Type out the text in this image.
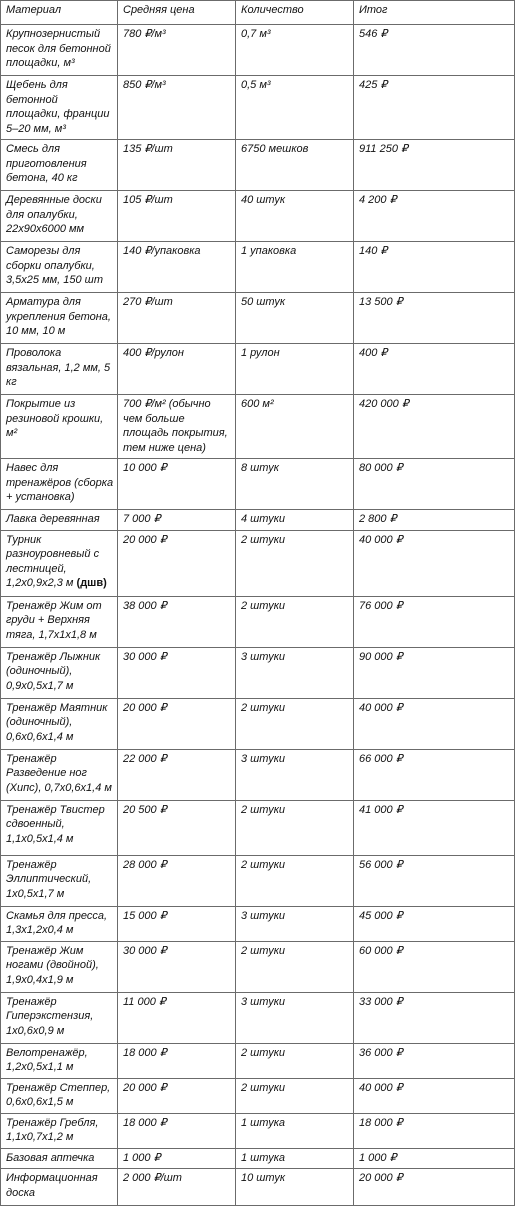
Материал	Средняя цена	Количество	Итог
Крупнозернистый песок для бетонной площадки, м³	780 ₽/м³	0,7 м³	546 ₽
Щебень для бетонной площадки, франции 5–20 мм, м³	850 ₽/м³	0,5 м³	425 ₽
Смесь для приготовления бетона, 40 кг	135 ₽/шт	6750 мешков	911 250 ₽
Деревянные доски для опалубки, 22х90х6000 мм	105 ₽/шт	40 штук	4 200 ₽
Саморезы для сборки опалубки, 3,5х25 мм, 150 шт	140 ₽/упаковка	1 упаковка	140 ₽
Арматура для укрепления бетона, 10 мм, 10 м	270 ₽/шт	50 штук	13 500 ₽
Проволока вязальная, 1,2 мм, 5 кг	400 ₽/рулон	1 рулон	400 ₽
Покрытие из резиновой крошки, м²	700 ₽/м² (обычно чем больше площадь покрытия, тем ниже цена)	600 м²	420 000 ₽
Навес для тренажёров (сборка + установка)	10 000 ₽	8 штук	80 000 ₽
Лавка деревянная	7 000 ₽	4 штуки	2 800 ₽
Турник разноуровневый с лестницей, 1,2х0,9х2,3 м (дшв)	20 000 ₽	2 штуки	40 000 ₽
Тренажёр Жим от груди + Верхняя тяга, 1,7х1х1,8 м	38 000 ₽	2 штуки	76 000 ₽
Тренажёр Лыжник (одиночный), 0,9х0,5х1,7 м	30 000 ₽	3 штуки	90 000 ₽
Тренажёр Маятник (одиночный), 0,6х0,6х1,4 м	20 000 ₽	2 штуки	40 000 ₽
Тренажёр Разведение ног (Хипс), 0,7х0,6х1,4 м	22 000 ₽	3 штуки	66 000 ₽
Тренажёр Твистер сдвоенный, 1,1х0,5х1,4 м	20 500 ₽	2 штуки	41 000 ₽
Тренажёр Эллиптический, 1х0,5х1,7 м	28 000 ₽	2 штуки	56 000 ₽
Скамья для пресса, 1,3х1,2х0,4 м	15 000 ₽	3 штуки	45 000 ₽
Тренажёр Жим ногами (двойной), 1,9х0,4х1,9 м	30 000 ₽	2 штуки	60 000 ₽
Тренажёр Гиперэкстензия, 1х0,6х0,9 м	11 000 ₽	3 штуки	33 000 ₽
Велотренажёр, 1,2х0,5х1,1 м	18 000 ₽	2 штуки	36 000 ₽
Тренажёр Степпер, 0,6х0,6х1,5 м	20 000 ₽	2 штуки	40 000 ₽
Тренажёр Гребля, 1,1х0,7х1,2 м	18 000 ₽	1 штука	18 000 ₽
Базовая аптечка	1 000 ₽	1 штука	1 000 ₽
Информационная доска	2 000 ₽/шт	10 штук	20 000 ₽
